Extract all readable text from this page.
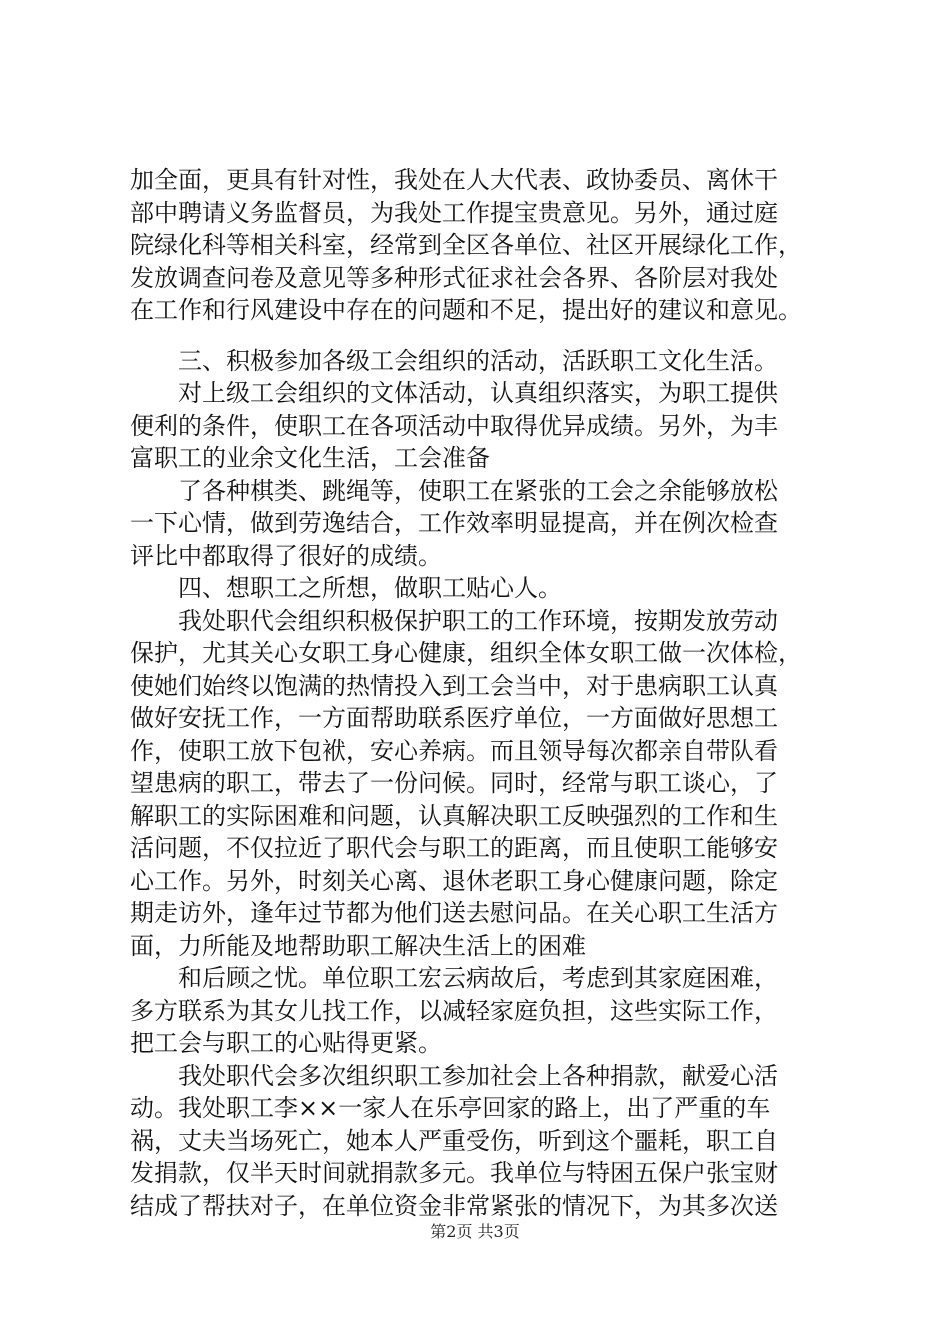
加全面，更具有针对性，我处在人大代表、政协委员、离休干
部中聘请义务监督员，为我处工作提宝贵意见。另外，通过庭
院绿化科等相关科室，经常到全区各单位、社区开展绿化工作，
发放调查问卷及意见等多种形式征求社会各界、各阶层对我处
在工作和行风建设中存在的问题和不足，提出好的建议和意见。
　　三、积极参加各级工会组织的活动，活跃职工文化生活。
　　对上级工会组织的文体活动，认真组织落实，为职工提供
便利的条件，使职工在各项活动中取得优异成绩。另外，为丰
富职工的业余文化生活，工会准备
　　了各种棋类、跳绳等，使职工在紧张的工会之余能够放松
一下心情，做到劳逸结合，工作效率明显提高，并在例次检查
评比中都取得了很好的成绩。
　　四、想职工之所想，做职工贴心人。
　　我处职代会组织积极保护职工的工作环境，按期发放劳动
保护，尤其关心女职工身心健康，组织全体女职工做一次体检，
使她们始终以饱满的热情投入到工会当中，对于患病职工认真
做好安抚工作，一方面帮助联系医疗单位，一方面做好思想工
作，使职工放下包袱，安心养病。而且领导每次都亲自带队看
望患病的职工，带去了一份问候。同时，经常与职工谈心，了
解职工的实际困难和问题，认真解决职工反映强烈的工作和生
活问题，不仅拉近了职代会与职工的距离，而且使职工能够安
心工作。另外，时刻关心离、退休老职工身心健康问题，除定
期走访外，逢年过节都为他们送去慰问品。在关心职工生活方
面，力所能及地帮助职工解决生活上的困难
　　和后顾之忧。单位职工宏云病故后，考虑到其家庭困难，
多方联系为其女儿找工作，以减轻家庭负担，这些实际工作，
把工会与职工的心贴得更紧。
　　我处职代会多次组织职工参加社会上各种捐款，献爱心活
动。我处职工李××一家人在乐亭回家的路上，出了严重的车
祸，丈夫当场死亡，她本人严重受伤，听到这个噩耗，职工自
发捐款，仅半天时间就捐款多元。我单位与特困五保户张宝财
结成了帮扶对子，在单位资金非常紧张的情况下，为其多次送
第2页 共3页
